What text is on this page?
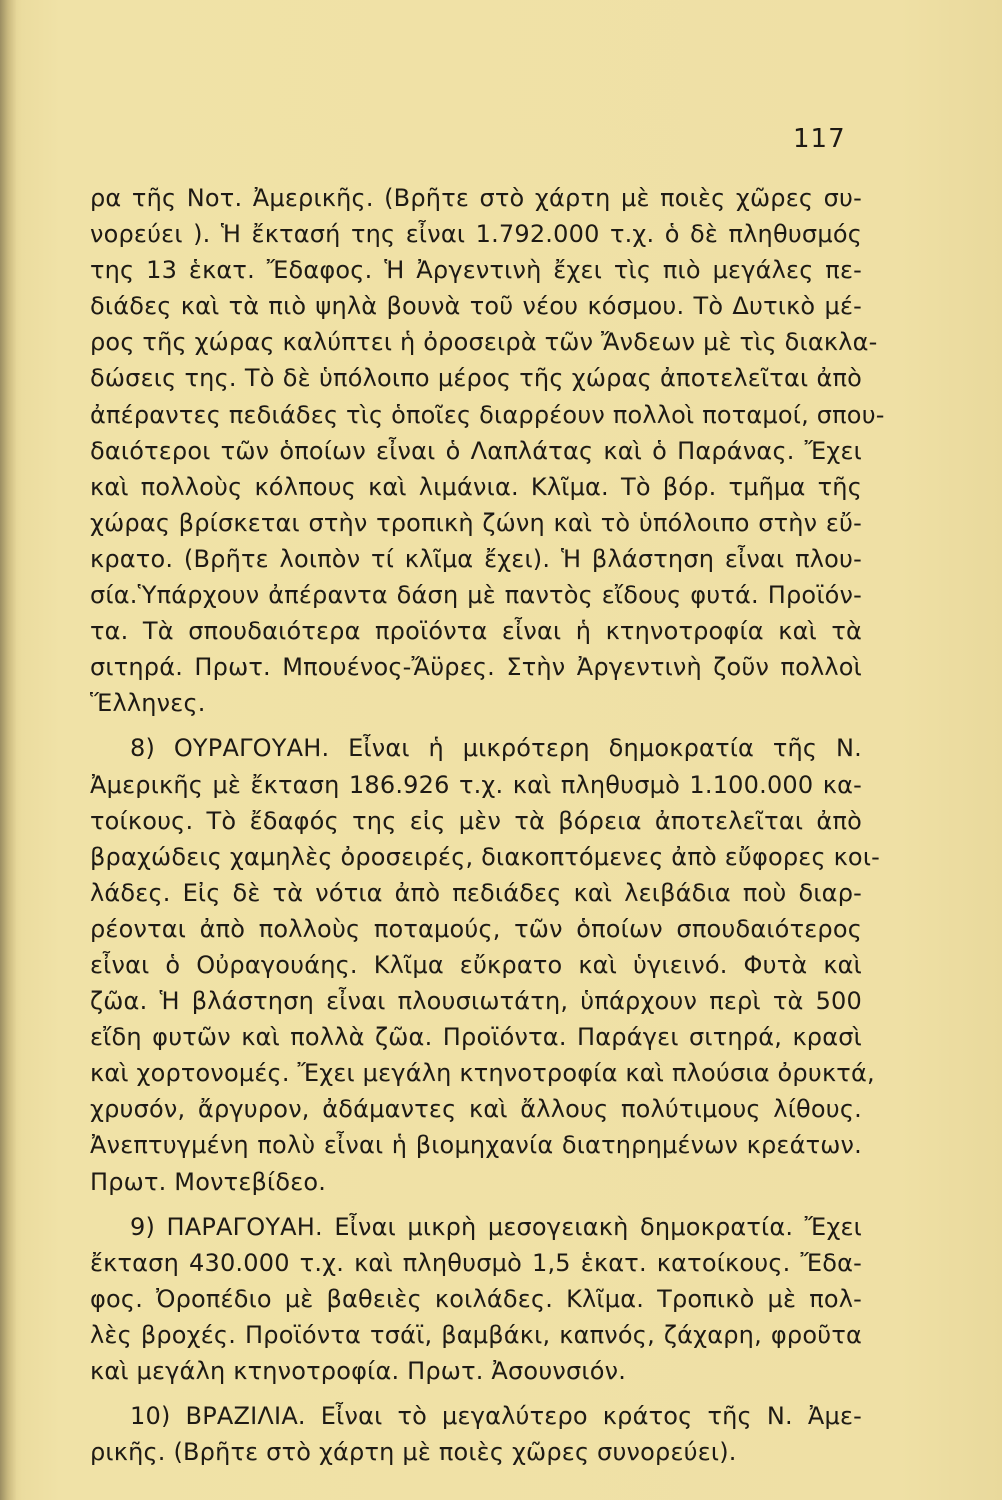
117
ρα τῆς Νοτ. Ἀμερικῆς. (Βρῆτε στὸ χάρτη μὲ ποιὲς χῶρες συ-
νορεύει ). Ἡ ἔκτασή της εἶναι 1.792.000 τ.χ. ὁ δὲ πληθυσμός
της 13 ἑκατ. Ἔδαφος. Ἡ Ἀργεντινὴ ἔχει τὶς πιὸ μεγάλες πε-
διάδες καὶ τὰ πιὸ ψηλὰ βουνὰ τοῦ νέου κόσμου. Τὸ Δυτικὸ μέ-
ρος τῆς χώρας καλύπτει ἡ ὀροσειρὰ τῶν Ἄνδεων μὲ τὶς διακλα-
δώσεις της. Τὸ δὲ ὑπόλοιπο μέρος τῆς χώρας ἀποτελεῖται ἀπὸ
ἀπέραντες πεδιάδες τὶς ὁποῖες διαρρέουν πολλοὶ ποταμοί, σπου-
δαιότεροι τῶν ὁποίων εἶναι ὁ Λαπλάτας καὶ ὁ Παράνας. Ἔχει
καὶ πολλοὺς κόλπους καὶ λιμάνια. Κλῖμα. Τὸ βόρ. τμῆμα τῆς
χώρας βρίσκεται στὴν τροπικὴ ζώνη καὶ τὸ ὑπόλοιπο στὴν εὔ-
κρατο. (Βρῆτε λοιπὸν τί κλῖμα ἔχει). Ἡ βλάστηση εἶναι πλου-
σία.Ὑπάρχουν ἀπέραντα δάση μὲ παντὸς εἴδους φυτά. Προϊόν-
τα. Τὰ σπουδαιότερα προϊόντα εἶναι ἡ κτηνοτροφία καὶ τὰ
σιτηρά. Πρωτ. Μπουένος-Ἄϋρες. Στὴν Ἀργεντινὴ ζοῦν πολλοὶ
Ἕλληνες.
8) ΟΥΡΑΓΟΥΑΗ. Εἶναι ἡ μικρότερη δημοκρατία τῆς Ν.
Ἀμερικῆς μὲ ἔκταση 186.926 τ.χ. καὶ πληθυσμὸ 1.100.000 κα-
τοίκους. Τὸ ἔδαφός της εἰς μὲν τὰ βόρεια ἀποτελεῖται ἀπὸ
βραχώδεις χαμηλὲς ὀροσειρές, διακοπτόμενες ἀπὸ εὔφορες κοι-
λάδες. Εἰς δὲ τὰ νότια ἀπὸ πεδιάδες καὶ λειβάδια ποὺ διαρ-
ρέονται ἀπὸ πολλοὺς ποταμούς, τῶν ὁποίων σπουδαιότερος
εἶναι ὁ Οὐραγουάης. Κλῖμα εὔκρατο καὶ ὑγιεινό. Φυτὰ καὶ
ζῶα. Ἡ βλάστηση εἶναι πλουσιωτάτη, ὑπάρχουν περὶ τὰ 500
εἴδη φυτῶν καὶ πολλὰ ζῶα. Προϊόντα. Παράγει σιτηρά, κρασὶ
καὶ χορτονομές. Ἔχει μεγάλη κτηνοτροφία καὶ πλούσια ὀρυκτά,
χρυσόν, ἄργυρον, ἀδάμαντες καὶ ἄλλους πολύτιμους λίθους.
Ἀνεπτυγμένη πολὺ εἶναι ἡ βιομηχανία διατηρημένων κρεάτων.
Πρωτ. Μοντεβίδεο.
9) ΠΑΡΑΓΟΥΑΗ. Εἶναι μικρὴ μεσογειακὴ δημοκρατία. Ἔχει
ἔκταση 430.000 τ.χ. καὶ πληθυσμὸ 1,5 ἑκατ. κατοίκους. Ἔδα-
φος. Ὀροπέδιο μὲ βαθειὲς κοιλάδες. Κλῖμα. Τροπικὸ μὲ πολ-
λὲς βροχές. Προϊόντα τσάϊ, βαμβάκι, καπνός, ζάχαρη, φροῦτα
καὶ μεγάλη κτηνοτροφία. Πρωτ. Ἀσουνσιόν.
10) ΒΡΑΖΙΛΙΑ. Εἶναι τὸ μεγαλύτερο κράτος τῆς Ν. Ἀμε-
ρικῆς. (Βρῆτε στὸ χάρτη μὲ ποιὲς χῶρες συνορεύει).
